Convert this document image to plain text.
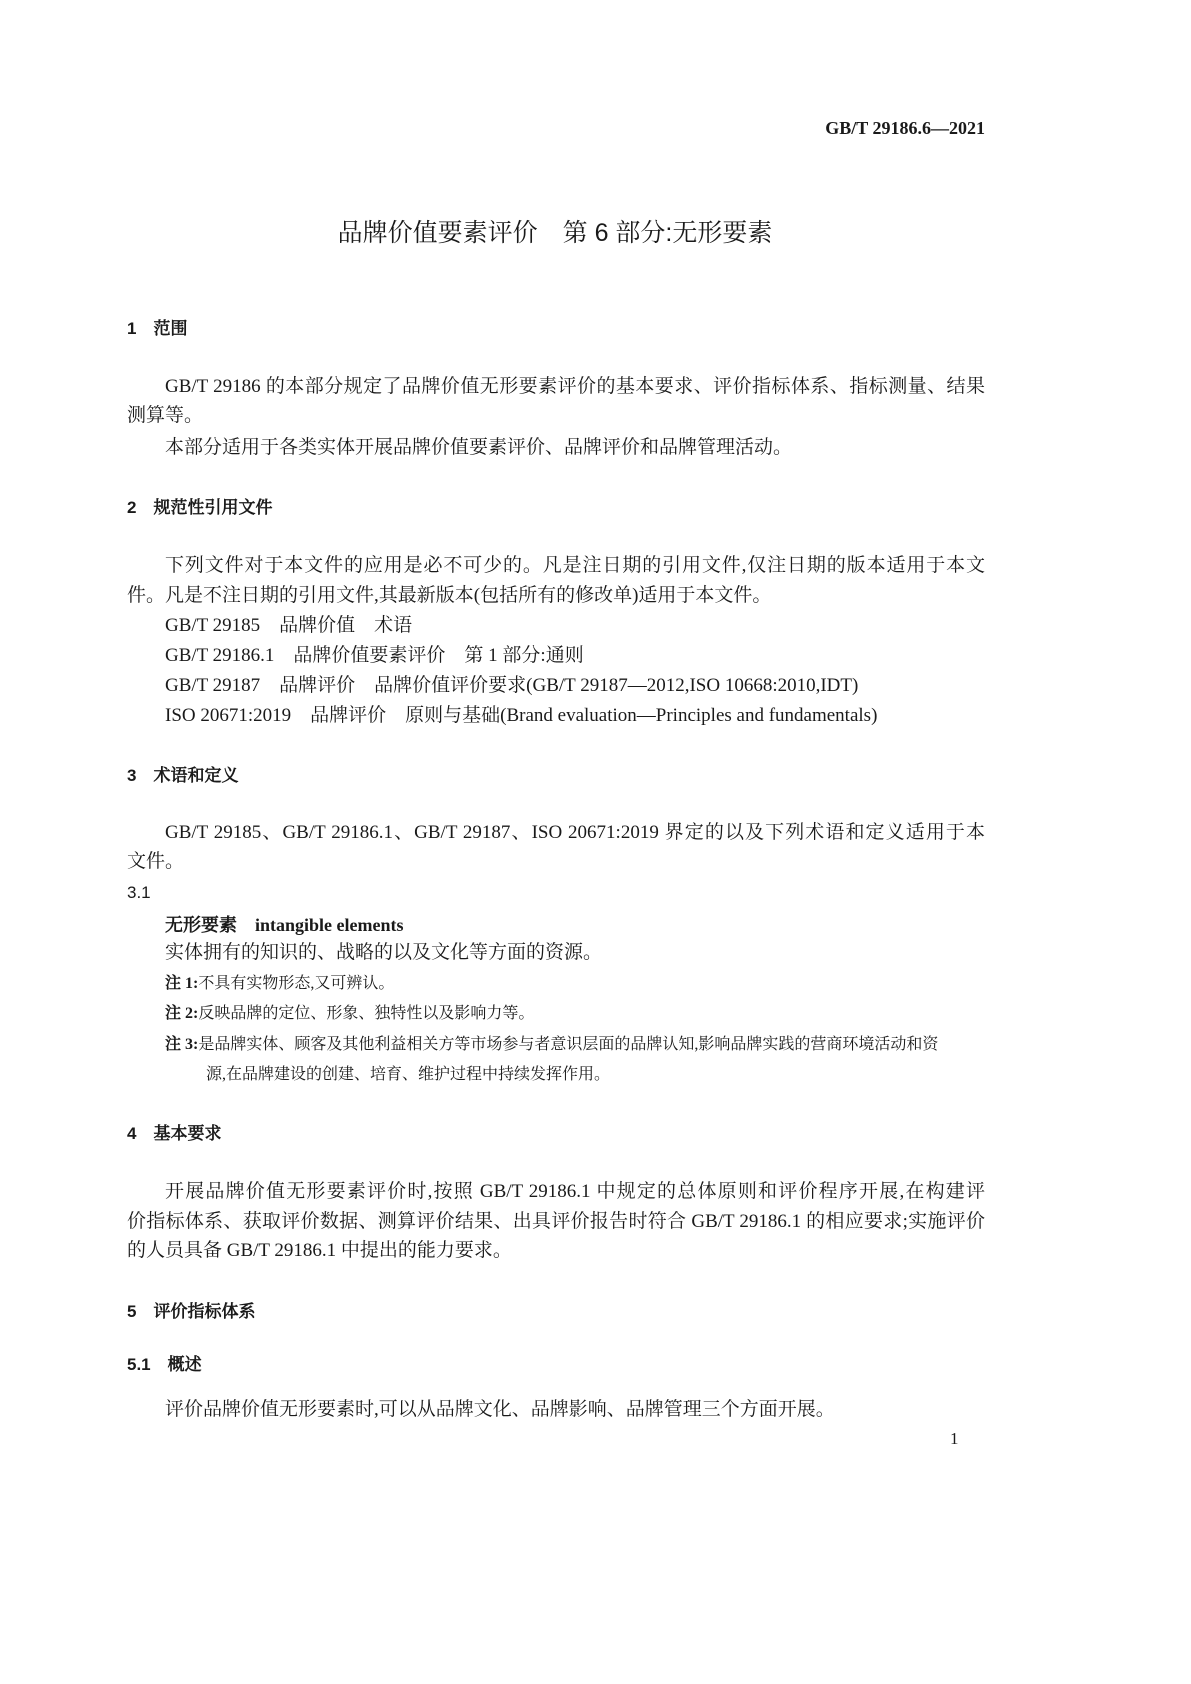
GB/T 29186.6—2021
品牌价值要素评价　第 6 部分:无形要素
1　范围
GB/T 29186 的本部分规定了品牌价值无形要素评价的基本要求、评价指标体系、指标测量、结果
测算等。
本部分适用于各类实体开展品牌价值要素评价、品牌评价和品牌管理活动。
2　规范性引用文件
下列文件对于本文件的应用是必不可少的。凡是注日期的引用文件,仅注日期的版本适用于本文
件。凡是不注日期的引用文件,其最新版本(包括所有的修改单)适用于本文件。
GB/T 29185　品牌价值　术语
GB/T 29186.1　品牌价值要素评价　第 1 部分:通则
GB/T 29187　品牌评价　品牌价值评价要求(GB/T 29187—2012,ISO 10668:2010,IDT)
ISO 20671:2019　品牌评价　原则与基础(Brand evaluation—Principles and fundamentals)
3　术语和定义
GB/T 29185、GB/T 29186.1、GB/T 29187、ISO 20671:2019 界定的以及下列术语和定义适用于本
文件。
3.1
无形要素　intangible elements
实体拥有的知识的、战略的以及文化等方面的资源。
注 1:不具有实物形态,又可辨认。
注 2:反映品牌的定位、形象、独特性以及影响力等。
注 3:是品牌实体、顾客及其他利益相关方等市场参与者意识层面的品牌认知,影响品牌实践的营商环境活动和资
源,在品牌建设的创建、培育、维护过程中持续发挥作用。
4　基本要求
开展品牌价值无形要素评价时,按照 GB/T 29186.1 中规定的总体原则和评价程序开展,在构建评
价指标体系、获取评价数据、测算评价结果、出具评价报告时符合 GB/T 29186.1 的相应要求;实施评价
的人员具备 GB/T 29186.1 中提出的能力要求。
5　评价指标体系
5.1　概述
评价品牌价值无形要素时,可以从品牌文化、品牌影响、品牌管理三个方面开展。
1
